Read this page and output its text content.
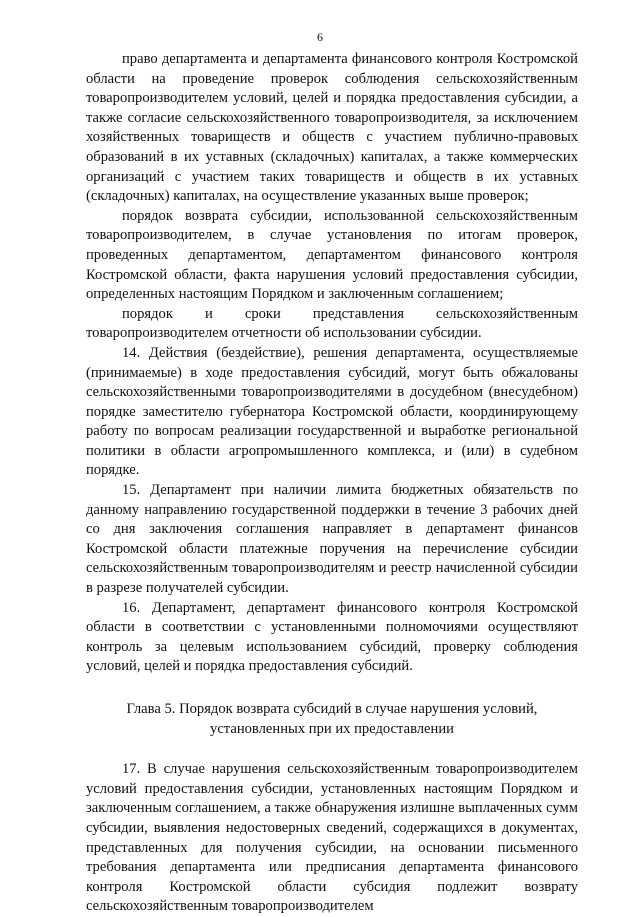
6

право департамента и департамента финансового контроля Костромской области на проведение проверок соблюдения сельскохозяйственным товаропроизводителем условий, целей и порядка предоставления субсидии, а также согласие сельскохозяйственного товаропроизводителя, за исключением хозяйственных товариществ и обществ с участием публично-правовых образований в их уставных (складочных) капиталах, а также коммерческих организаций с участием таких товариществ и обществ в их уставных (складочных) капиталах, на осуществление указанных выше проверок;

порядок возврата субсидии, использованной сельскохозяйственным товаропроизводителем, в случае установления по итогам проверок, проведенных департаментом, департаментом финансового контроля Костромской области, факта нарушения условий предоставления субсидии, определенных настоящим Порядком и заключенным соглашением;

порядок и сроки представления сельскохозяйственным товаропроизводителем отчетности об использовании субсидии.

14. Действия (бездействие), решения департамента, осуществляемые (принимаемые) в ходе предоставления субсидий, могут быть обжалованы сельскохозяйственными товаропроизводителями в досудебном (внесудебном) порядке заместителю губернатора Костромской области, координирующему работу по вопросам реализации государственной и выработке региональной политики в области агропромышленного комплекса, и (или) в судебном порядке.

15. Департамент при наличии лимита бюджетных обязательств по данному направлению государственной поддержки в течение 3 рабочих дней со дня заключения соглашения направляет в департамент финансов Костромской области платежные поручения на перечисление субсидии сельскохозяйственным товаропроизводителям и реестр начисленной субсидии в разрезе получателей субсидии.

16. Департамент, департамент финансового контроля Костромской области в соответствии с установленными полномочиями осуществляют контроль за целевым использованием субсидий, проверку соблюдения условий, целей и порядка предоставления субсидий.

Глава 5. Порядок возврата субсидий в случае нарушения условий,
установленных при их предоставлении

17. В случае нарушения сельскохозяйственным товаропроизводителем условий предоставления субсидии, установленных настоящим Порядком и заключенным соглашением, а также обнаружения излишне выплаченных сумм субсидии, выявления недостоверных сведений, содержащихся в документах, представленных для получения субсидии, на основании письменного требования департамента или предписания департамента финансового контроля Костромской области субсидия подлежит возврату сельскохозяйственным товаропроизводителем
